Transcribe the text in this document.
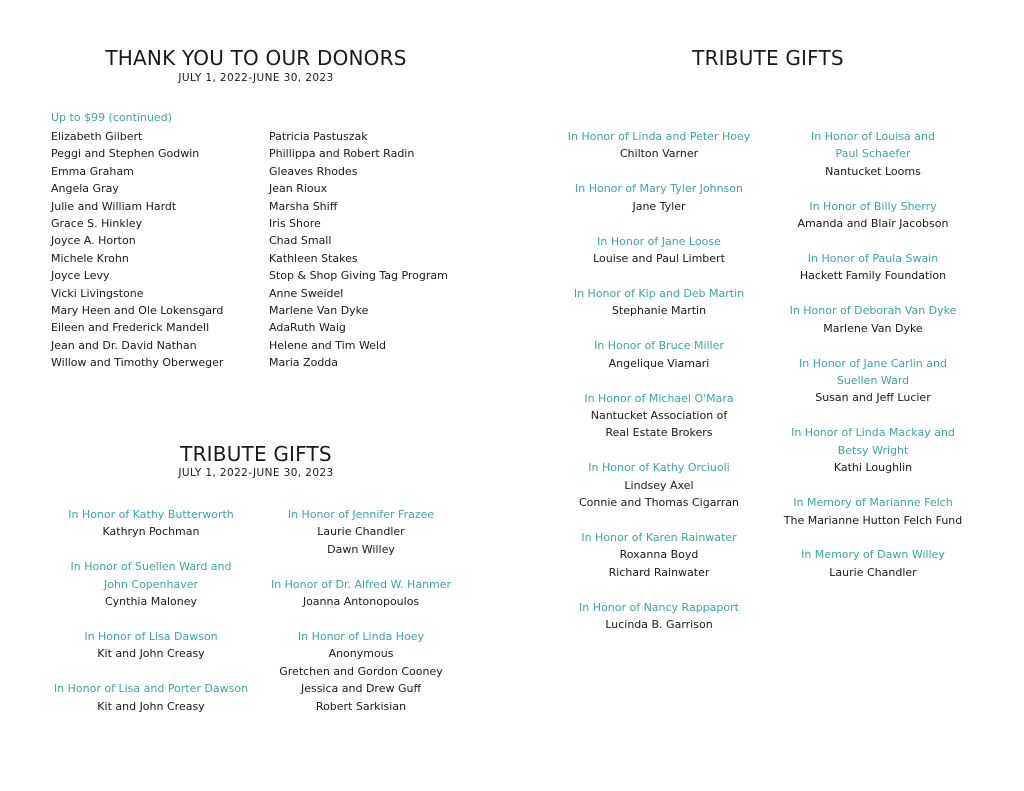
THANK YOU TO OUR DONORS
JULY 1, 2022-JUNE 30, 2023
Up to $99 (continued)
Elizabeth Gilbert
Peggi and Stephen Godwin
Emma Graham
Angela Gray
Julie and William Hardt
Grace S. Hinkley
Joyce A. Horton
Michele Krohn
Joyce Levy
Vicki Livingstone
Mary Heen and Ole Lokensgard
Eileen and Frederick Mandell
Jean and Dr. David Nathan
Willow and Timothy Oberweger
Patricia Pastuszak
Phillippa and Robert Radin
Gleaves Rhodes
Jean Rioux
Marsha Shiff
Iris Shore
Chad Small
Kathleen Stakes
Stop & Shop Giving Tag Program
Anne Sweidel
Marlene Van Dyke
AdaRuth Waig
Helene and Tim Weld
Maria Zodda
TRIBUTE GIFTS
JULY 1, 2022-JUNE 30, 2023
In Honor of Kathy Butterworth
Kathryn Pochman
In Honor of Suellen Ward and
John Copenhaver
Cynthia Maloney
In Honor of Lisa Dawson
Kit and John Creasy
In Honor of Lisa and Porter Dawson
Kit and John Creasy
In Honor of Jennifer Frazee
Laurie Chandler
Dawn Willey
In Honor of Dr. Alfred W. Hanmer
Joanna Antonopoulos
In Honor of Linda Hoey
Anonymous
Gretchen and Gordon Cooney
Jessica and Drew Guff
Robert Sarkisian
TRIBUTE GIFTS
In Honor of Linda and Peter Hoey
Chilton Varner
In Honor of Mary Tyler Johnson
Jane Tyler
In Honor of Jane Loose
Louise and Paul Limbert
In Honor of Kip and Deb Martin
Stephanie Martin
In Honor of Bruce Miller
Angelique Viamari
In Honor of Michael O'Mara
Nantucket Association of
Real Estate Brokers
In Honor of Kathy Orciuoli
Lindsey Axel
Connie and Thomas Cigarran
In Honor of Karen Rainwater
Roxanna Boyd
Richard Rainwater
In Honor of Nancy Rappaport
Lucinda B. Garrison
In Honor of Louisa and
Paul Schaefer
Nantucket Looms
In Honor of Billy Sherry
Amanda and Blair Jacobson
In Honor of Paula Swain
Hackett Family Foundation
In Honor of Deborah Van Dyke
Marlene Van Dyke
In Honor of Jane Carlin and
Suellen Ward
Susan and Jeff Lucier
In Honor of Linda Mackay and
Betsy Wright
Kathi Loughlin
In Memory of Marianne Felch
The Marianne Hutton Felch Fund
In Memory of Dawn Willey
Laurie Chandler
